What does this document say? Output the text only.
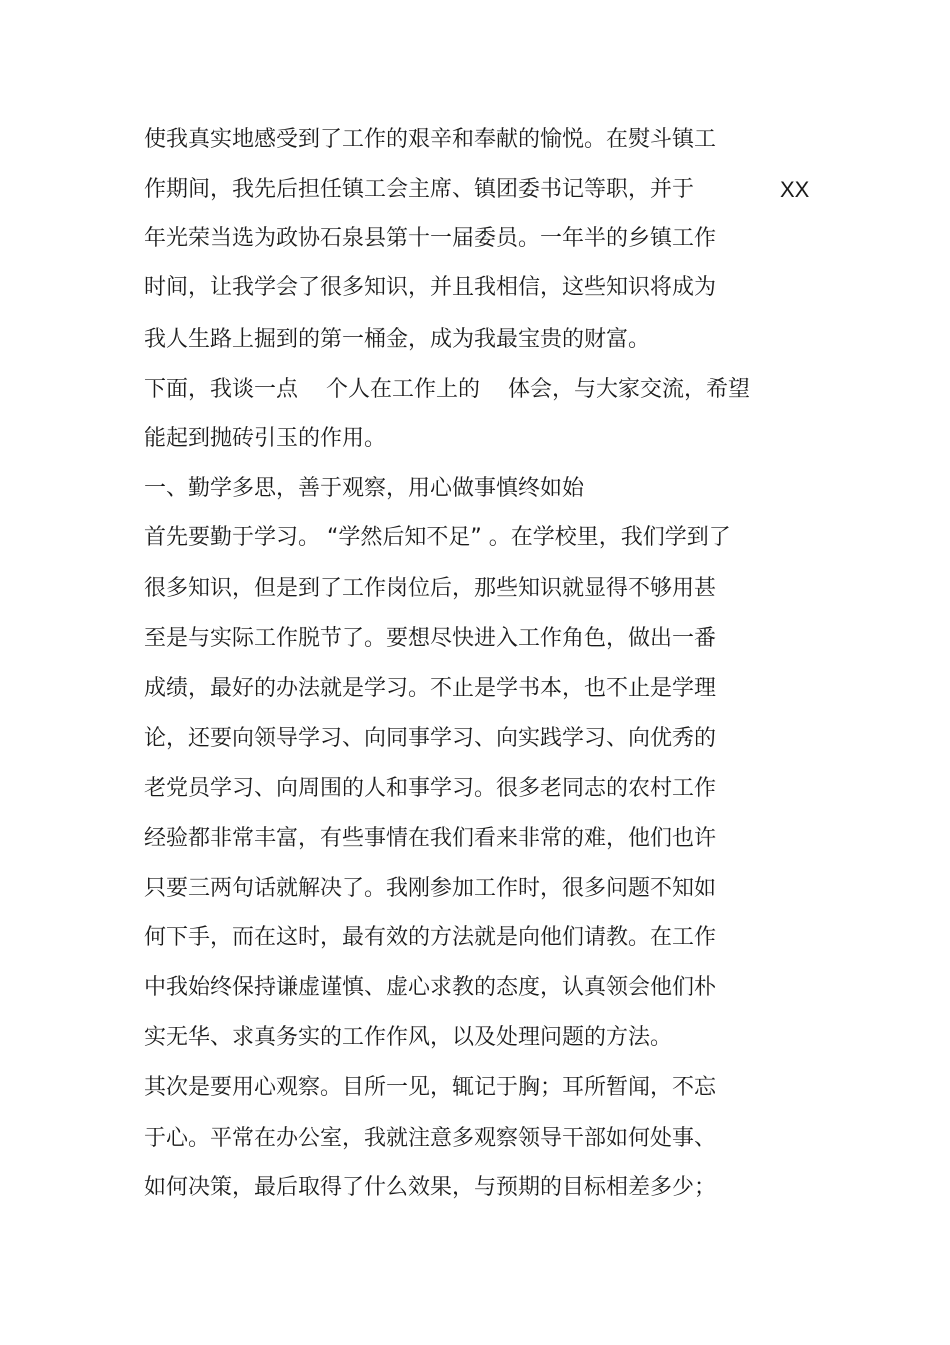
使我真实地感受到了工作的艰辛和奉献的愉悦。在熨斗镇工

作期间，我先后担任镇工会主席、镇团委书记等职，并于	XX

年光荣当选为政协石泉县第十一届委员。一年半的乡镇工作

时间，让我学会了很多知识，并且我相信，这些知识将成为

我人生路上掘到的第一桶金，成为我最宝贵的财富。

下面，我谈一点    个人在工作上的    体会，与大家交流，希望

能起到抛砖引玉的作用。

一、勤学多思，善于观察，用心做事慎终如始

首先要勤于学习。 “学然后知不足” 。在学校里，我们学到了

很多知识，但是到了工作岗位后，那些知识就显得不够用甚

至是与实际工作脱节了。要想尽快进入工作角色，做出一番

成绩，最好的办法就是学习。不止是学书本，也不止是学理

论，还要向领导学习、向同事学习、向实践学习、向优秀的

老党员学习、向周围的人和事学习。很多老同志的农村工作

经验都非常丰富，有些事情在我们看来非常的难，他们也许

只要三两句话就解决了。我刚参加工作时，很多问题不知如

何下手，而在这时，最有效的方法就是向他们请教。在工作

中我始终保持谦虚谨慎、虚心求教的态度，认真领会他们朴

实无华、求真务实的工作作风，以及处理问题的方法。

其次是要用心观察。目所一见，辄记于胸；耳所暂闻，不忘

于心。平常在办公室，我就注意多观察领导干部如何处事、

如何决策，最后取得了什么效果，与预期的目标相差多少；
